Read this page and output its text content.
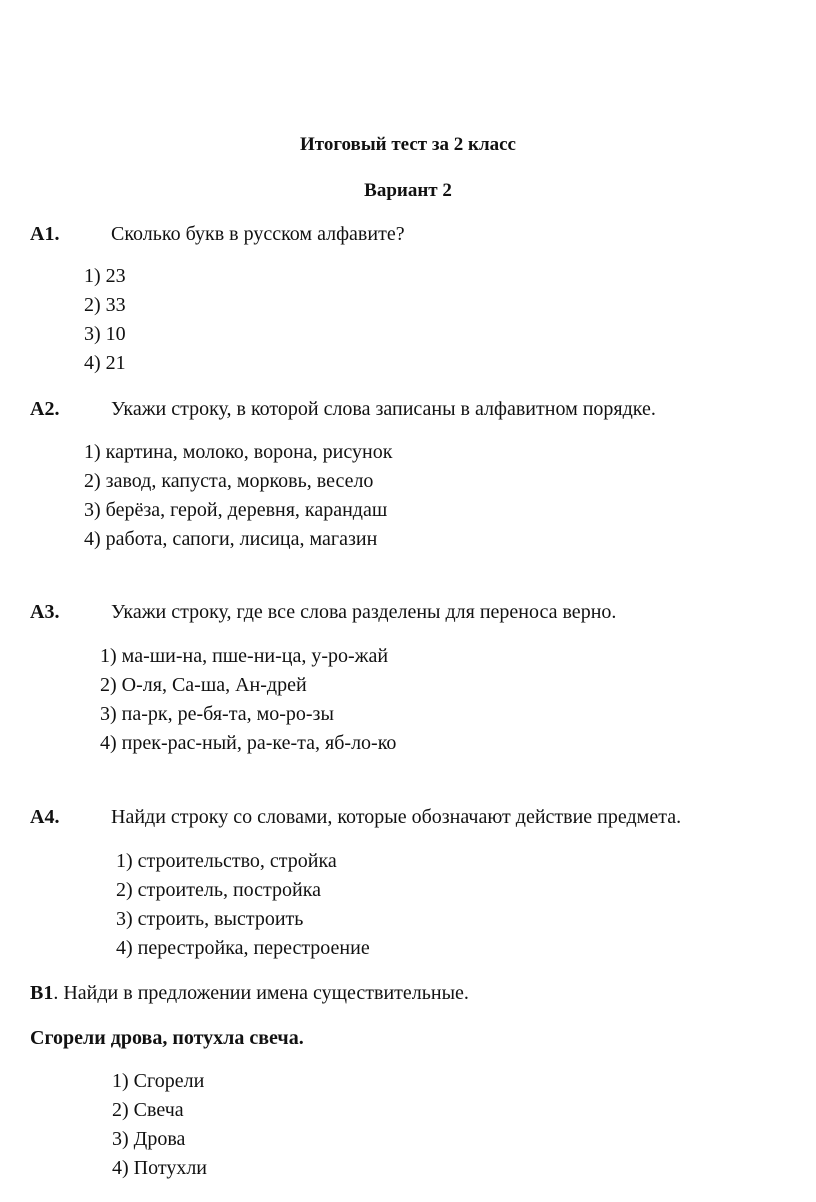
Итоговый тест за 2 класс
Вариант 2
А1.	Сколько букв в русском алфавите?
1) 23
2) 33
3) 10
4) 21
А2.	Укажи строку, в которой слова записаны в алфавитном порядке.
1) картина, молоко, ворона, рисунок
2) завод, капуста, морковь, весело
3) берёза, герой, деревня, карандаш
4) работа, сапоги, лисица, магазин
А3.	Укажи строку, где все слова разделены для переноса верно.
1) ма-ши-на, пше-ни-ца, у-ро-жай
2) О-ля, Са-ша, Ан-дрей
3) па-рк, ре-бя-та, мо-ро-зы
4) прек-рас-ный, ра-ке-та, яб-ло-ко
А4.	Найди строку со словами, которые обозначают действие предмета.
1) строительство, стройка
2) строитель, постройка
3) строить, выстроить
4) перестройка, перестроение
В1. Найди в предложении имена существительные.
Сгорели дрова, потухла свеча.
1) Сгорели
2) Свеча
3) Дрова
4) Потухли
